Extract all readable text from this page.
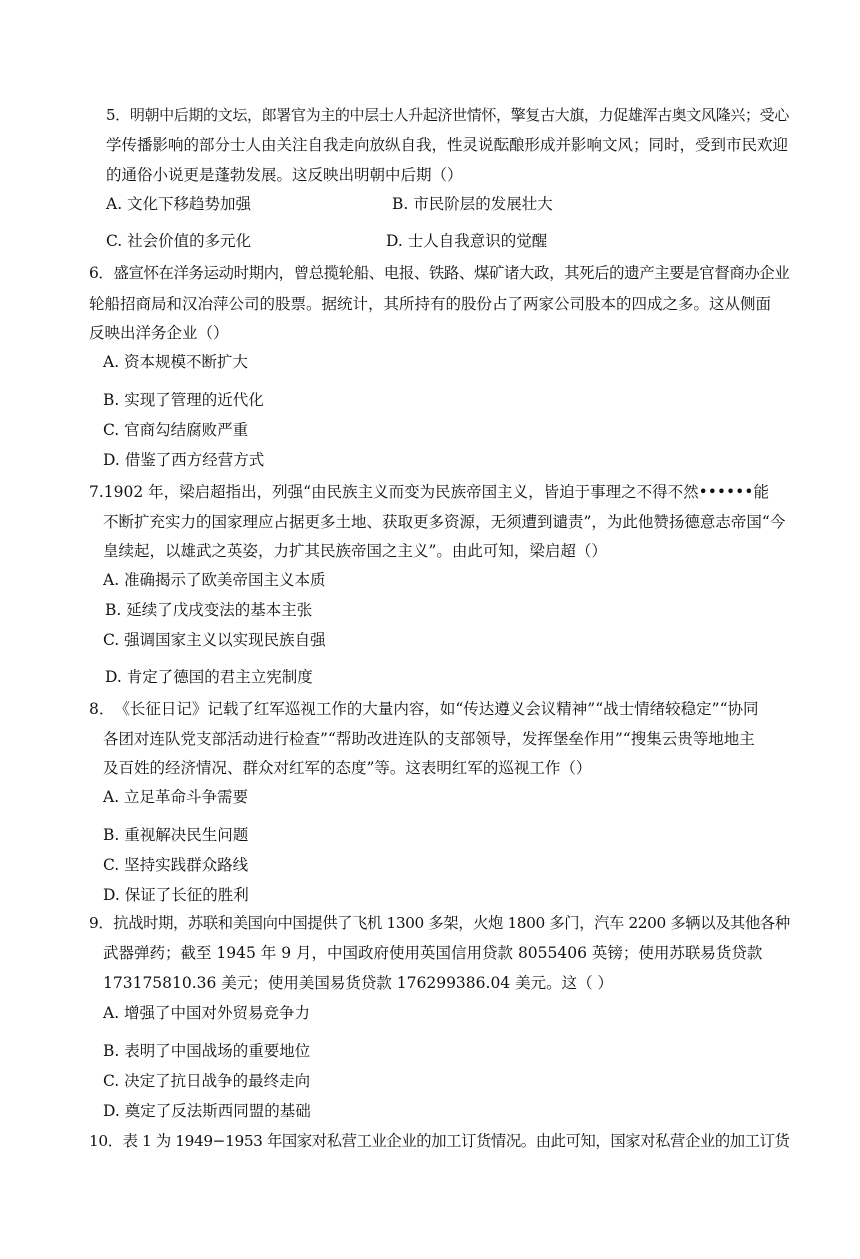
5．明朝中后期的文坛，郎署官为主的中层士人升起济世情怀，擎复古大旗，力促雄浑古奥文风隆兴；受心
学传播影响的部分士人由关注自我走向放纵自我，性灵说酝酿形成并影响文风；同时，受到市民欢迎
的通俗小说更是蓬勃发展。这反映出明朝中后期（）
A. 文化下移趋势加强	B. 市民阶层的发展壮大
C. 社会价值的多元化	D. 士人自我意识的觉醒
6．盛宣怀在洋务运动时期内，曾总揽轮船、电报、铁路、煤矿诸大政，其死后的遗产主要是官督商办企业
轮船招商局和汉冶萍公司的股票。据统计，其所持有的股份占了两家公司股本的四成之多。这从侧面
反映出洋务企业（）
A. 资本规模不断扩大
B. 实现了管理的近代化
C. 官商勾结腐败严重
D. 借鉴了西方经营方式
7.1902 年，梁启超指出，列强“由民族主义而变为民族帝国主义，皆迫于事理之不得不然••••••能
不断扩充实力的国家理应占据更多土地、获取更多资源，无须遭到谴责”，为此他赞扬德意志帝国“今
皇续起，以雄武之英姿，力扩其民族帝国之主义”。由此可知，梁启超（）
A. 准确揭示了欧美帝国主义本质
B. 延续了戊戌变法的基本主张
C. 强调国家主义以实现民族自强
D. 肯定了德国的君主立宪制度
8．《长征日记》记载了红军巡视工作的大量内容，如“传达遵义会议精神”“战士情绪较稳定”“协同
各团对连队党支部活动进行检查”“帮助改进连队的支部领导，发挥堡垒作用”“搜集云贵等地地主
及百姓的经济情况、群众对红军的态度”等。这表明红军的巡视工作（）
A. 立足革命斗争需要
B. 重视解决民生问题
C. 坚持实践群众路线
D. 保证了长征的胜利
9．抗战时期，苏联和美国向中国提供了飞机 1300 多架，火炮 1800 多门，汽车 2200 多辆以及其他各种
武器弹药；截至 1945 年 9 月，中国政府使用英国信用贷款 8055406 英镑；使用苏联易货贷款
173175810.36 美元；使用美国易货贷款 176299386.04 美元。这（ ）
A. 增强了中国对外贸易竞争力
B. 表明了中国战场的重要地位
C. 决定了抗日战争的最终走向
D. 奠定了反法斯西同盟的基础
10．表 1 为 1949−1953 年国家对私营工业企业的加工订货情况。由此可知，国家对私营企业的加工订货
